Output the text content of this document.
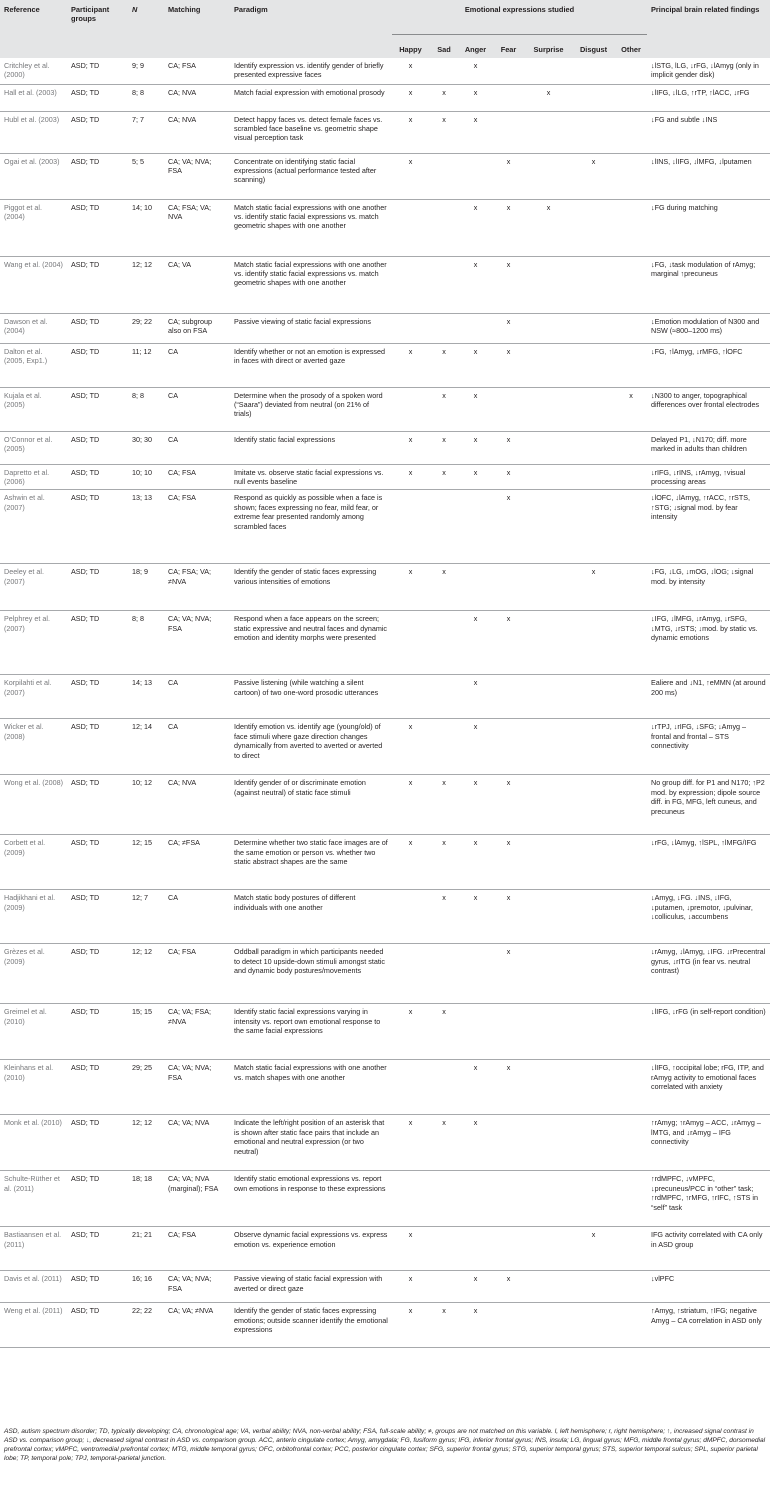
Reference	Participant groups	N	Matching	Paradigm	Emotional expressions studied							Principal brain related findings
					Happy	Sad	Anger	Fear	Surprise	Disgust	Other	
Critchley et al. (2000)	ASD; TD	9; 9	CA; FSA	Identify expression vs. identify gender of briefly presented expressive faces	x		x					↓lSTG, lLG, ↓rFG, ↓lAmyg (only in implicit gender disk)
Hall et al. (2003)	ASD; TD	8; 8	CA; NVA	Match facial expression with emotional prosody	x	x	x		x			↓lIFG, ↓lLG, ↑rTP, ↑lACC, ↓rFG
Hubl et al. (2003)	ASD; TD	7; 7	CA; NVA	Detect happy faces vs. detect female faces vs. scrambled face baseline vs. geometric shape visual perception task	x	x	x					↓FG and subtle ↓INS
Ogai et al. (2003)	ASD; TD	5; 5	CA; VA; NVA; FSA	Concentrate on identifying static facial expressions (actual performance tested after scanning)	x			x		x		↓lINS, ↓lIFG, ↓lMFG, ↓lputamen
Piggot et al. (2004)	ASD; TD	14; 10	CA; FSA; VA; NVA	Match static facial expressions with one another vs. identify static facial expressions vs. match geometric shapes with one another			x	x	x			↓FG during matching
Wang et al. (2004)	ASD; TD	12; 12	CA; VA	Match static facial expressions with one another vs. identify static facial expressions vs. match geometric shapes with one another			x	x				↓FG, ↓task modulation of rAmyg; marginal ↑precuneus
Dawson et al. (2004)	ASD; TD	29; 22	CA; subgroup also on FSA	Passive viewing of static facial expressions				x				↓Emotion modulation of N300 and NSW (≈800–1200 ms)
Dalton et al. (2005, Exp1.)	ASD; TD	11; 12	CA	Identify whether or not an emotion is expressed in faces with direct or averted gaze	x	x	x	x				↓FG, ↑lAmyg, ↓rMFG, ↑lOFC
Kujala et al. (2005)	ASD; TD	8; 8	CA	Determine when the prosody of a spoken word (“Saara”) deviated from neutral (on 21% of trials)		x	x				x	↓N300 to anger, topographical differences over frontal electrodes
O’Connor et al. (2005)	ASD; TD	30; 30	CA	Identify static facial expressions	x	x	x	x				Delayed P1, ↓N170; diff. more marked in adults than children
Dapretto et al. (2006)	ASD; TD	10; 10	CA; FSA	Imitate vs. observe static facial expressions vs. null events baseline	x	x	x	x				↓rIFG, ↓rINS, ↓rAmyg, ↑visual processing areas
Ashwin et al. (2007)	ASD; TD	13; 13	CA; FSA	Respond as quickly as possible when a face is shown; faces expressing no fear, mild fear, or extreme fear presented randomly among scrambled faces				x				↓lOFC, ↓lAmyg, ↑rACC, ↑rSTS, ↑STG; ↓signal mod. by fear intensity
Deeley et al. (2007)	ASD; TD	18; 9	CA; FSA; VA; ≠NVA	Identify the gender of static faces expressing various intensities of emotions	x	x				x		↓FG, ↓LG, ↓mOG, ↓lOG; ↓signal mod. by intensity
Pelphrey et al. (2007)	ASD; TD	8; 8	CA; VA; NVA; FSA	Respond when a face appears on the screen; static expressive and neutral faces and dynamic emotion and identity morphs were presented			x	x				↓IFG, ↓lMFG, ↓rAmyg, ↓rSFG, ↓MTG, ↓rSTS; ↓mod. by static vs. dynamic emotions
Korpilahti et al. (2007)	ASD; TD	14; 13	CA	Passive listening (while watching a silent cartoon) of two one-word prosodic utterances			x					Ealiere and ↓N1, ↑eMMN (at around 200 ms)
Wicker et al. (2008)	ASD; TD	12; 14	CA	Identify emotion vs. identify age (young/old) of face stimuli where gaze direction changes dynamically from averted to averted or averted to direct	x		x					↓rTPJ, ↓rIFG, ↓SFG; ↓Amyg – frontal and frontal – STS connectivity
Wong et al. (2008)	ASD; TD	10; 12	CA; NVA	Identify gender of or discriminate emotion (against neutral) of static face stimuli	x	x	x	x				No group diff. for P1 and N170; ↑P2 mod. by expression; dipole source diff. in FG, MFG, left cuneus, and precuneus
Corbett et al. (2009)	ASD; TD	12; 15	CA; ≠FSA	Determine whether two static face images are of the same emotion or person vs. whether two static abstract shapes are the same	x	x	x	x				↓rFG, ↓lAmyg, ↑lSPL, ↑lMFG/IFG
Hadjikhani et al. (2009)	ASD; TD	12; 7	CA	Match static body postures of different individuals with one another		x	x	x				↓Amyg, ↓FG. ↓INS, ↓IFG, ↓putamen, ↓premotor, ↓pulvinar, ↓colliculus, ↓accumbens
Grèzes et al. (2009)	ASD; TD	12; 12	CA; FSA	Oddball paradigm in which participants needed to detect 10 upside-down stimuli amongst static and dynamic body postures/movements				x				↓rAmyg, ↓lAmyg, ↓IFG. ↓rPrecentral gyrus, ↓rITG (in fear vs. neutral contrast)
Greimel et al. (2010)	ASD; TD	15; 15	CA; VA; FSA; ≠NVA	Identify static facial expressions varying in intensity vs. report own emotional response to the same facial expressions	x	x						↓lIFG, ↓rFG (in self-report condition)
Kleinhans et al. (2010)	ASD; TD	29; 25	CA; VA; NVA; FSA	Match static facial expressions with one another vs. match shapes with one another			x	x				↓lIFG, ↑occipital lobe; rFG, ITP, and rAmyg activity to emotional faces correlated with anxiety
Monk et al. (2010)	ASD; TD	12; 12	CA; VA; NVA	Indicate the left/right position of an asterisk that is shown after static face pairs that include an emotional and neutral expression (or two neutral)	x	x	x					↑rAmyg; ↑rAmyg – ACC, ↓rAmyg – lMTG, and ↓rAmyg – IFG connectivity
Schulte-Rüther et al. (2011)	ASD; TD	18; 18	CA; VA; NVA (marginal); FSA	Identify static emotional expressions vs. report own emotions in response to these expressions								↑rdMPFC, ↓vMPFC, ↓precuneus/PCC in “other” task; ↑rdMPFC, ↑rMFG, ↑rIFC, ↑STS in “self” task
Bastiaansen et al. (2011)	ASD; TD	21; 21	CA; FSA	Observe dynamic facial expressions vs. express emotion vs. experience emotion	x					x		IFG activity correlated with CA only in ASD group
Davis et al. (2011)	ASD; TD	16; 16	CA; VA; NVA; FSA	Passive viewing of static facial expression with averted or direct gaze	x		x	x				↓vlPFC
Weng et al. (2011)	ASD; TD	22; 22	CA; VA; ≠NVA	Identify the gender of static faces expressing emotions; outside scanner identify the emotional expressions	x	x	x					↑Amyg, ↑striatum, ↑IFG; negative Amyg – CA correlation in ASD only
ASD, autism spectrum disorder; TD, typically developing; CA, chronological age; VA, verbal ability; NVA, non-verbal ability; FSA, full-scale ability; ≠, groups are not matched on this variable. l, left hemisphere; r, right hemisphere; ↑, increased signal contrast in ASD vs. comparison group; ↓, decreased signal contrast in ASD vs. comparison group. ACC, anterio cingulate cortex; Amyg, amygdala; FG, fusiform gyrus; IFG, inferior frontal gyrus; INS, insula; LG, lingual gyrus; MFG, middle frontal gyrus; dMPFC, dorsomedial prefrontal cortex; vMPFC, ventromedial prefrontal cortex; MTG, middle temporal gyrus; OFC, orbitofrontal cortex; PCC, posterior cingulate cortex; SFG, superior frontal gyrus; STG, superior temporal gyrus; STS, superior temporal sulcus; SPL, superior parietal lobe; TP, temporal pole; TPJ, temporal-parietal junction.
